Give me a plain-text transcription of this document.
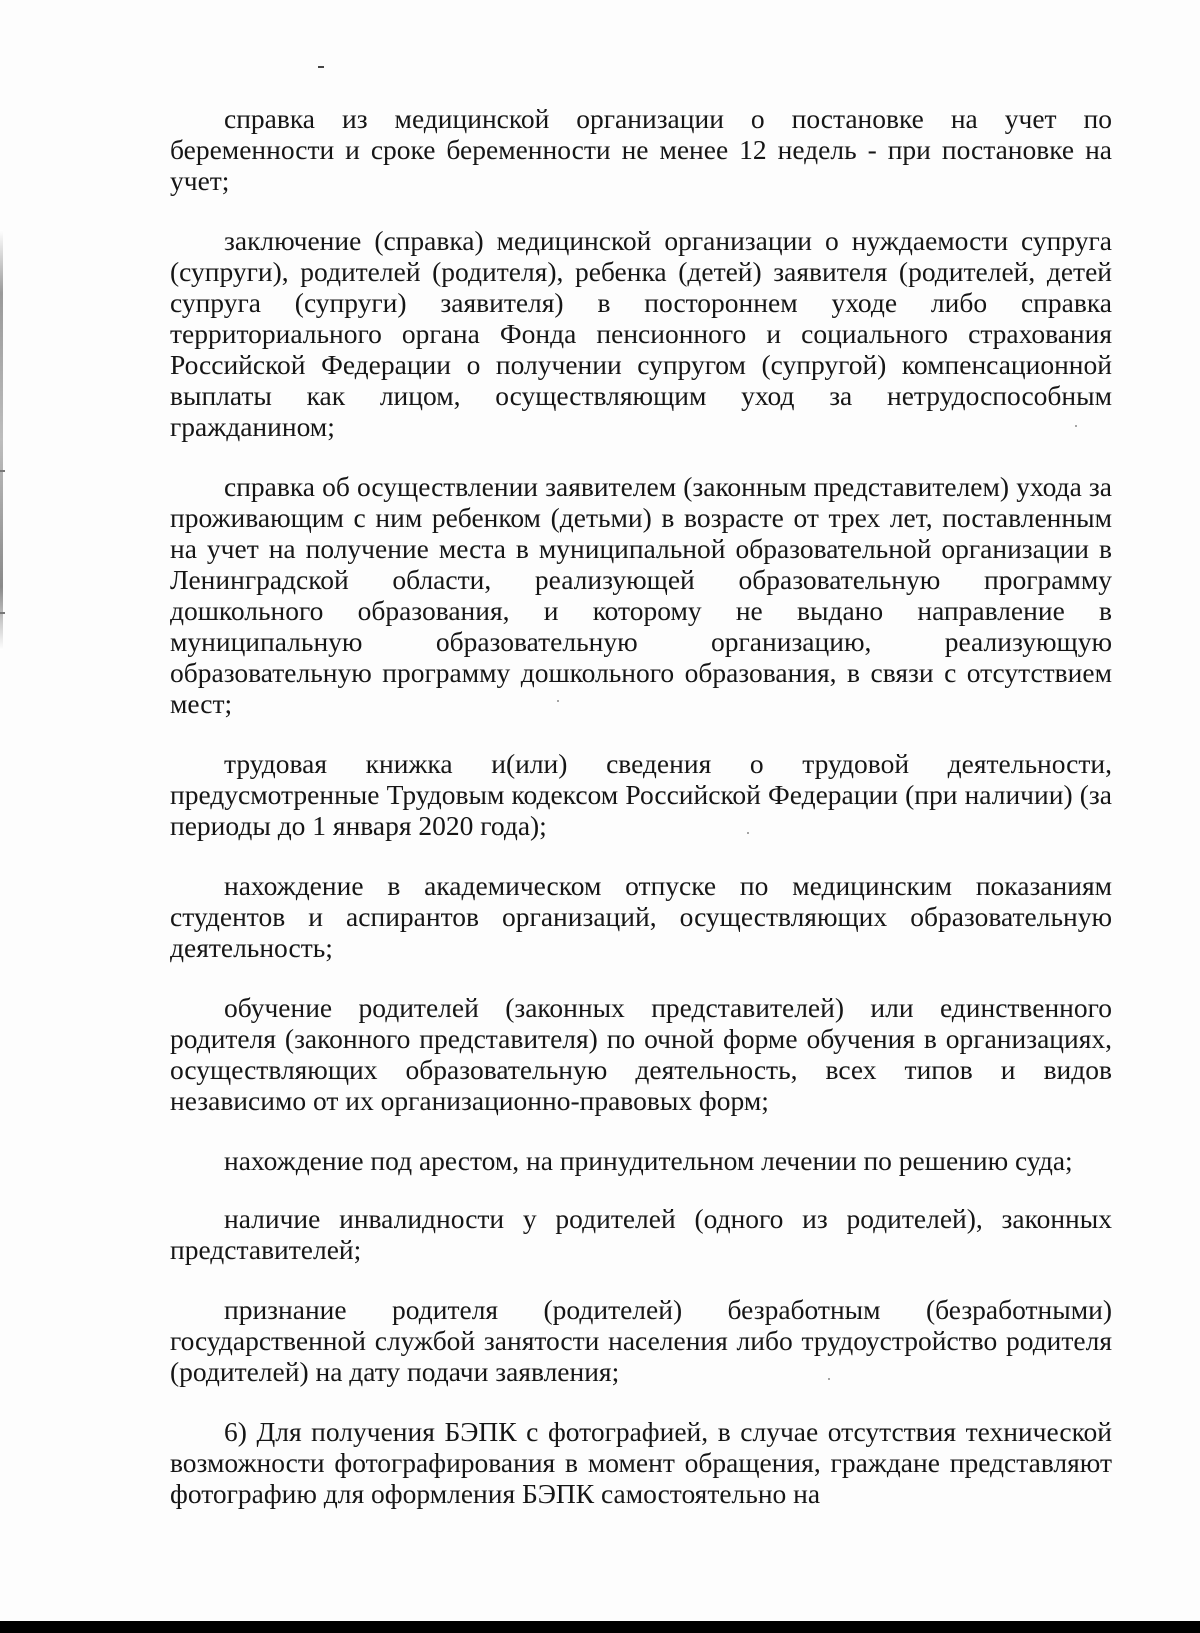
справка из медицинской организации о постановке на учет по беременности и сроке беременности не менее 12 недель - при постановке на учет;

заключение (справка) медицинской организации о нуждаемости супруга (супруги), родителей (родителя), ребенка (детей) заявителя (родителей, детей супруга (супруги) заявителя) в постороннем уходе либо справка территориального органа Фонда пенсионного и социального страхования Российской Федерации о получении супругом (супругой) компенсационной выплаты как лицом, осуществляющим уход за нетрудоспособным гражданином;

справка об осуществлении заявителем (законным представителем) ухода за проживающим с ним ребенком (детьми) в возрасте от трех лет, поставленным на учет на получение места в муниципальной образовательной организации в Ленинградской области, реализующей образовательную программу дошкольного образования, и которому не выдано направление в муниципальную образовательную организацию, реализующую образовательную программу дошкольного образования, в связи с отсутствием мест;

трудовая книжка и(или) сведения о трудовой деятельности, предусмотренные Трудовым кодексом Российской Федерации (при наличии) (за периоды до 1 января 2020 года);

нахождение в академическом отпуске по медицинским показаниям студентов и аспирантов организаций, осуществляющих образовательную деятельность;

обучение родителей (законных представителей) или единственного родителя (законного представителя) по очной форме обучения в организациях, осуществляющих образовательную деятельность, всех типов и видов независимо от их организационно-правовых форм;

нахождение под арестом, на принудительном лечении по решению суда;

наличие инвалидности у родителей (одного из родителей), законных представителей;

признание родителя (родителей) безработным (безработными) государственной службой занятости населения либо трудоустройство родителя (родителей) на дату подачи заявления;

6) Для получения БЭПК с фотографией, в случае отсутствия технической возможности фотографирования в момент обращения, граждане представляют фотографию для оформления БЭПК самостоятельно на
